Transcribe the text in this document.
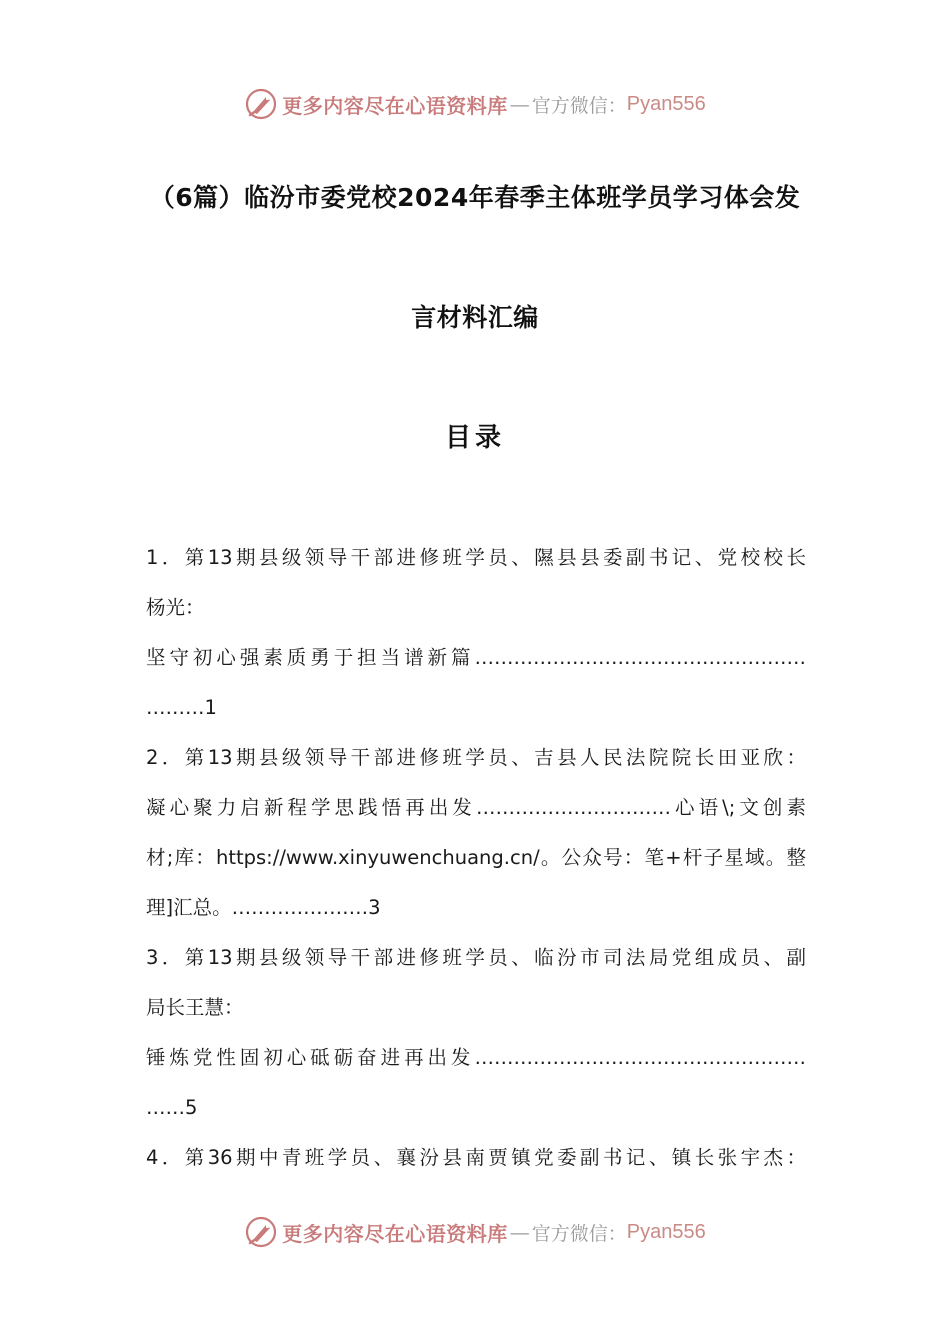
更多内容尽在心语资料库 — 官方微信： Pyan556
（6篇）临汾市委党校2024年春季主体班学员学习体会发
言材料汇编
目录
1．第13期县级领导干部进修班学员、隰县县委副书记、党校校长
杨光：
坚守初心强素质勇于担当谱新篇……………………………………………
………1
2．第13期县级领导干部进修班学员、吉县人民法院院长田亚欣：
凝心聚力启新程学思践悟再出发…………………………心语\;文创素
材;库：https://www.xinyuwenchuang.cn/。公众号：笔+杆子星域。整
理]汇总。…………………3
3．第13期县级领导干部进修班学员、临汾市司法局党组成员、副
局长王慧：
锤炼党性固初心砥砺奋进再出发……………………………………………
……5
4．第36期中青班学员、襄汾县南贾镇党委副书记、镇长张宇杰：
更多内容尽在心语资料库 — 官方微信： Pyan556
